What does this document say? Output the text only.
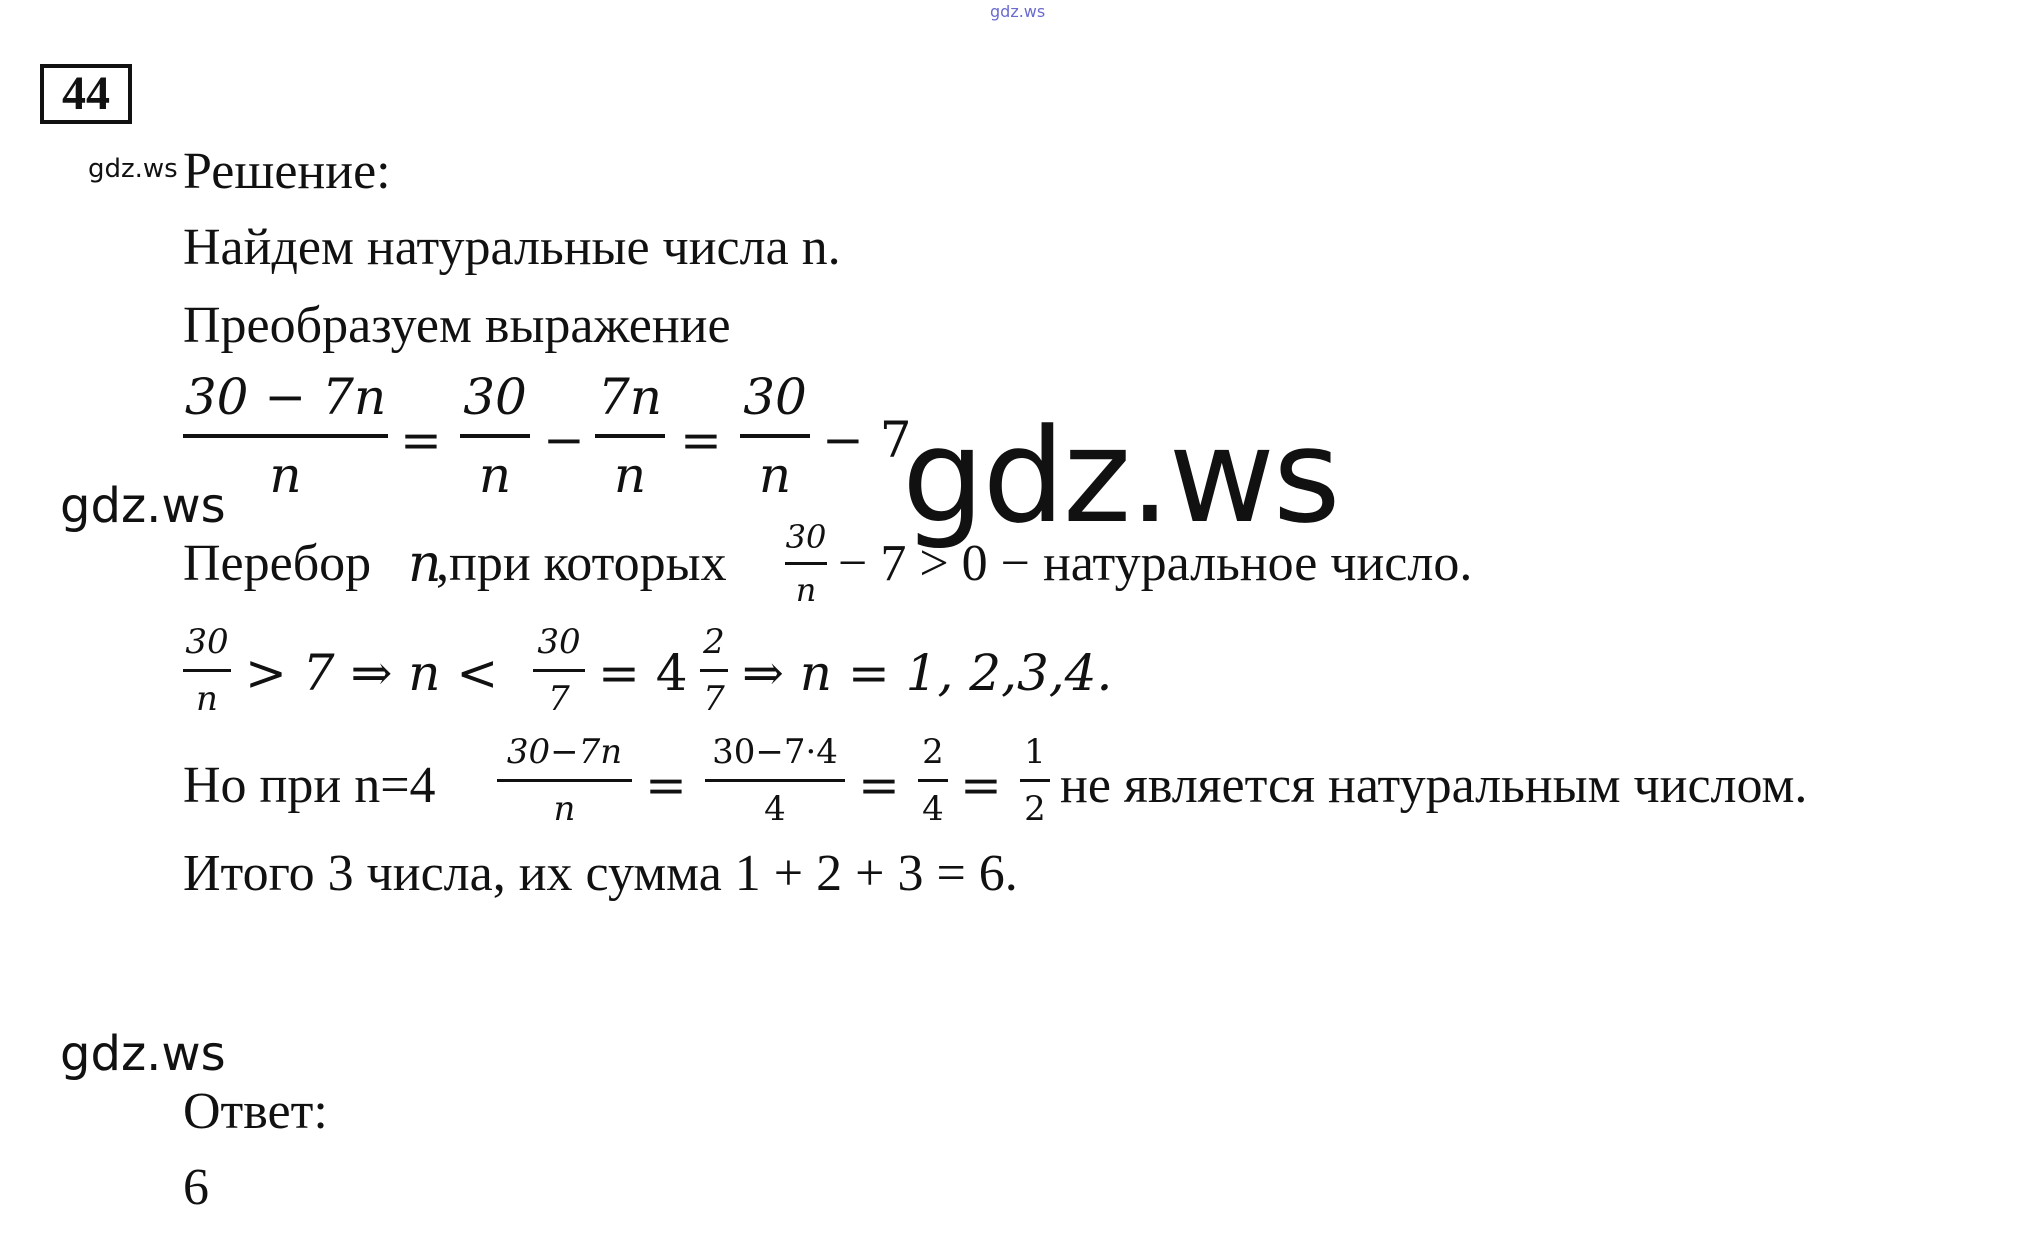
44
gdz.ws
gdz.ws Решение:
Найдем натуральные числа n.
Преобразуем выражение
30 − 7n
n
=
30
n
−
7n
n
=
30
n
− 7
gdz.ws
gdz.ws
Перебор n
,при которых 30
n − 7 > 0 − натуральное число.
30
n > 7 ⇒ n <
30
7 = 4
2
7 ⇒ n = 1, 2,3,4.
Но при n=4
30−7n
n	=
30−7·4
4	=
2
4 =
1
2 не является натуральным числом.
Итого 3 числа, их сумма 1 + 2 + 3 = 6.
gdz.ws
Ответ:
6
